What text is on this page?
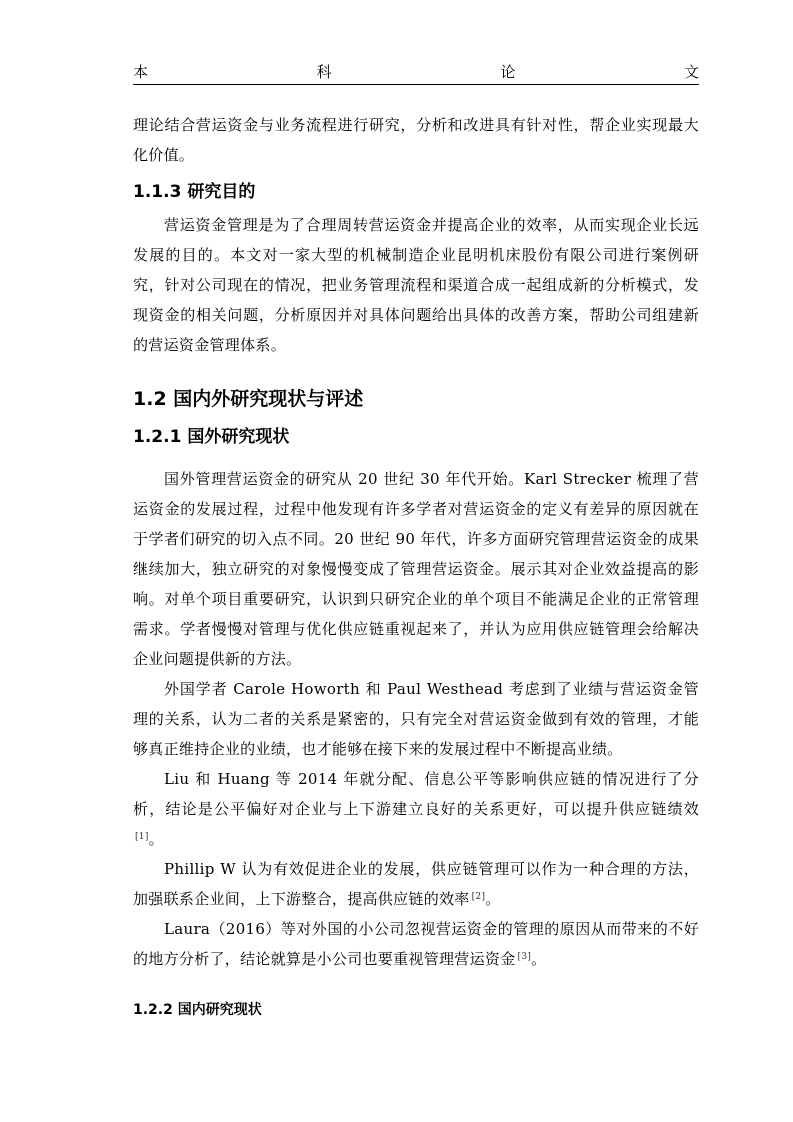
本	科	论	文

理论结合营运资金与业务流程进行研究，分析和改进具有针对性，帮企业实现最大化价值。

1.1.3 研究目的

营运资金管理是为了合理周转营运资金并提高企业的效率，从而实现企业长远发展的目的。本文对一家大型的机械制造企业昆明机床股份有限公司进行案例研究，针对公司现在的情况，把业务管理流程和渠道合成一起组成新的分析模式，发现资金的相关问题，分析原因并对具体问题给出具体的改善方案，帮助公司组建新的营运资金管理体系。

1.2 国内外研究现状与评述
1.2.1 国外研究现状

国外管理营运资金的研究从 20 世纪 30 年代开始。Karl Strecker 梳理了营运资金的发展过程，过程中他发现有许多学者对营运资金的定义有差异的原因就在于学者们研究的切入点不同。20 世纪 90 年代，许多方面研究管理营运资金的成果继续加大，独立研究的对象慢慢变成了管理营运资金。展示其对企业效益提高的影响。对单个项目重要研究，认识到只研究企业的单个项目不能满足企业的正常管理需求。学者慢慢对管理与优化供应链重视起来了，并认为应用供应链管理会给解决企业问题提供新的方法。

外国学者 Carole Howorth 和 Paul Westhead 考虑到了业绩与营运资金管理的关系，认为二者的关系是紧密的，只有完全对营运资金做到有效的管理，才能够真正维持企业的业绩，也才能够在接下来的发展过程中不断提高业绩。

Liu 和 Huang 等 2014 年就分配、信息公平等影响供应链的情况进行了分析，结论是公平偏好对企业与上下游建立良好的关系更好，可以提升供应链绩效[1]。

Phillip W 认为有效促进企业的发展，供应链管理可以作为一种合理的方法，加强联系企业间，上下游整合，提高供应链的效率 [2]。

Laura（2016）等对外国的小公司忽视营运资金的管理的原因从而带来的不好的地方分析了，结论就算是小公司也要重视管理营运资金 [3]。

1.2.2 国内研究现状
